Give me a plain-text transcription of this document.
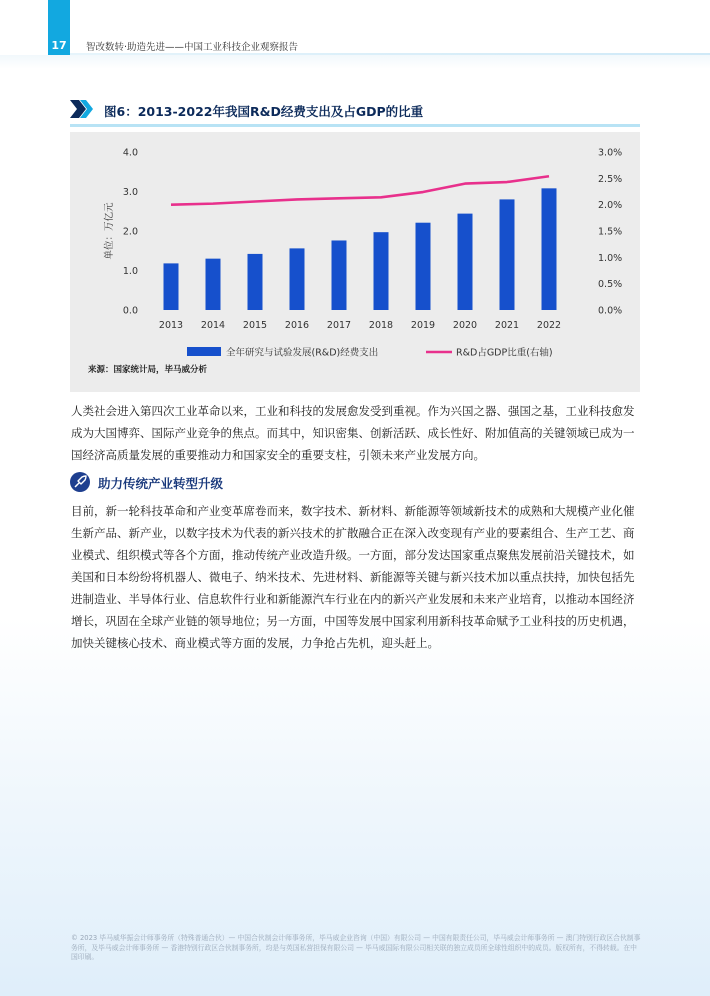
17	智改数转·助造先进——中国工业科技企业观察报告
图6：2013-2022年我国R&D经费支出及占GDP的比重
0.0
1.0
2.0
3.0
4.0
0.0%
0.5%
1.0%
1.5%
2.0%
2.5%
3.0%
单位：万亿元
2013 2014 2015 2016 2017 2018 2019 2020 2021 2022
全年研究与试验发展(R&D)经费支出	R&D占GDP比重(右轴)
来源：国家统计局，毕马威分析

人类社会进入第四次工业革命以来，工业和科技的发展愈发受到重视。作为兴国之器、强国之基，工业科技愈发成为大国博弈、国际产业竞争的焦点。而其中，知识密集、创新活跃、成长性好、附加值高的关键领域已成为一国经济高质量发展的重要推动力和国家安全的重要支柱，引领未来产业发展方向。

助力传统产业转型升级

目前，新一轮科技革命和产业变革席卷而来，数字技术、新材料、新能源等领域新技术的成熟和大规模产业化催生新产品、新产业，以数字技术为代表的新兴技术的扩散融合正在深入改变现有产业的要素组合、生产工艺、商业模式、组织模式等各个方面，推动传统产业改造升级。一方面，部分发达国家重点聚焦发展前沿关键技术，如美国和日本纷纷将机器人、微电子、纳米技术、先进材料、新能源等关键与新兴技术加以重点扶持，加快包括先进制造业、半导体行业、信息软件行业和新能源汽车行业在内的新兴产业发展和未来产业培育，以推动本国经济增长，巩固在全球产业链的领导地位；另一方面，中国等发展中国家利用新科技革命赋予工业科技的历史机遇，加快关键核心技术、商业模式等方面的发展，力争抢占先机，迎头赶上。

© 2023 毕马威华振会计师事务所（特殊普通合伙）— 中国合伙制会计师事务所，毕马威企业咨询（中国）有限公司 — 中国有限责任公司，毕马威会计师事务所 — 澳门特别行政区合伙制事务所，及毕马威会计师事务所 — 香港特别行政区合伙制事务所，均是与英国私营担保有限公司 — 毕马威国际有限公司相关联的独立成员所全球性组织中的成员。版权所有，不得转载。在中国印刷。
